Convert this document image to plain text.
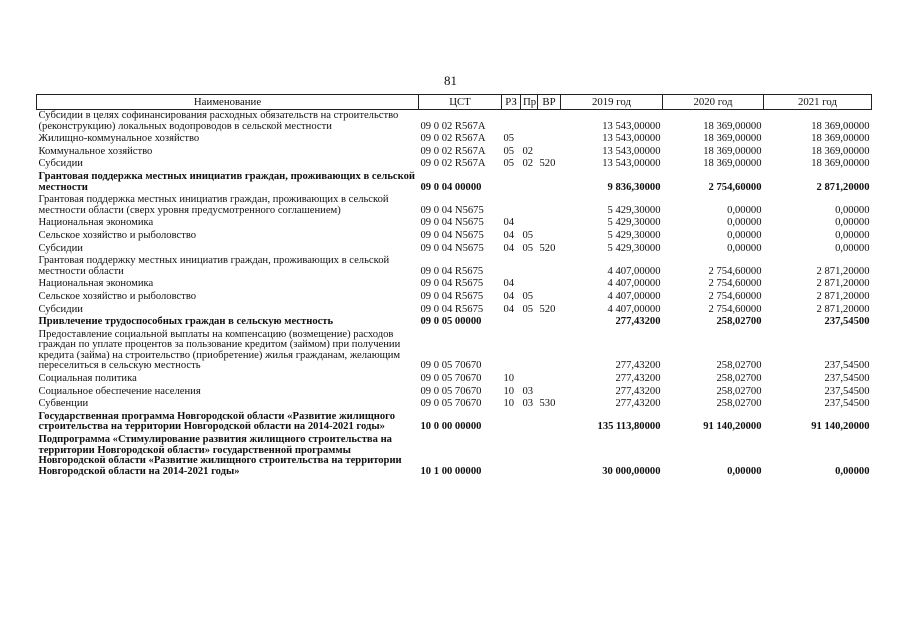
81
Наименование	ЦСТ	РЗ	Пр	ВР	2019 год	2020 год	2021 год
Субсидии в целях софинансирования расходных обязательств на строительство (реконструкцию) локальных водопроводов в сельской местности	09 0 02 R567A				13 543,00000	18 369,00000	18 369,00000
Жилищно-коммунальное хозяйство	09 0 02 R567A	05			13 543,00000	18 369,00000	18 369,00000
Коммунальное хозяйство	09 0 02 R567A	05	02		13 543,00000	18 369,00000	18 369,00000
Субсидии	09 0 02 R567A	05	02	520	13 543,00000	18 369,00000	18 369,00000
Грантовая поддержка местных инициатив граждан, проживающих в сельской местности	09 0 04 00000				9 836,30000	2 754,60000	2 871,20000
Грантовая поддержка местных инициатив граждан, проживающих в сельской местности области (сверх уровня предусмотренного соглашением)	09 0 04 N5675				5 429,30000	0,00000	0,00000
Национальная экономика	09 0 04 N5675	04			5 429,30000	0,00000	0,00000
Сельское хозяйство и рыболовство	09 0 04 N5675	04	05		5 429,30000	0,00000	0,00000
Субсидии	09 0 04 N5675	04	05	520	5 429,30000	0,00000	0,00000
Грантовая поддержку местных инициатив граждан, проживающих в сельской местности области	09 0 04 R5675				4 407,00000	2 754,60000	2 871,20000
Национальная экономика	09 0 04 R5675	04			4 407,00000	2 754,60000	2 871,20000
Сельское хозяйство и рыболовство	09 0 04 R5675	04	05		4 407,00000	2 754,60000	2 871,20000
Субсидии	09 0 04 R5675	04	05	520	4 407,00000	2 754,60000	2 871,20000
Привлечение трудоспособных граждан в сельскую местность	09 0 05 00000				277,43200	258,02700	237,54500
Предоставление социальной выплаты на компенсацию (возмещение) расходов граждан по уплате процентов за пользование кредитом (займом) при получении кредита (займа) на строительство (приобретение) жилья гражданам, желающим переселиться в сельскую местность	09 0 05 70670				277,43200	258,02700	237,54500
Социальная политика	09 0 05 70670	10			277,43200	258,02700	237,54500
Социальное обеспечение населения	09 0 05 70670	10	03		277,43200	258,02700	237,54500
Субвенции	09 0 05 70670	10	03	530	277,43200	258,02700	237,54500
Государственная программа Новгородской области «Развитие жилищного строительства на территории Новгородской области на 2014-2021 годы»	10 0 00 00000				135 113,80000	91 140,20000	91 140,20000
Подпрограмма «Стимулирование развития жилищного строительства на территории Новгородской области» государственной программы Новгородской области «Развитие жилищного строительства на территории Новгородской области на 2014-2021 годы»	10 1 00 00000				30 000,00000	0,00000	0,00000
